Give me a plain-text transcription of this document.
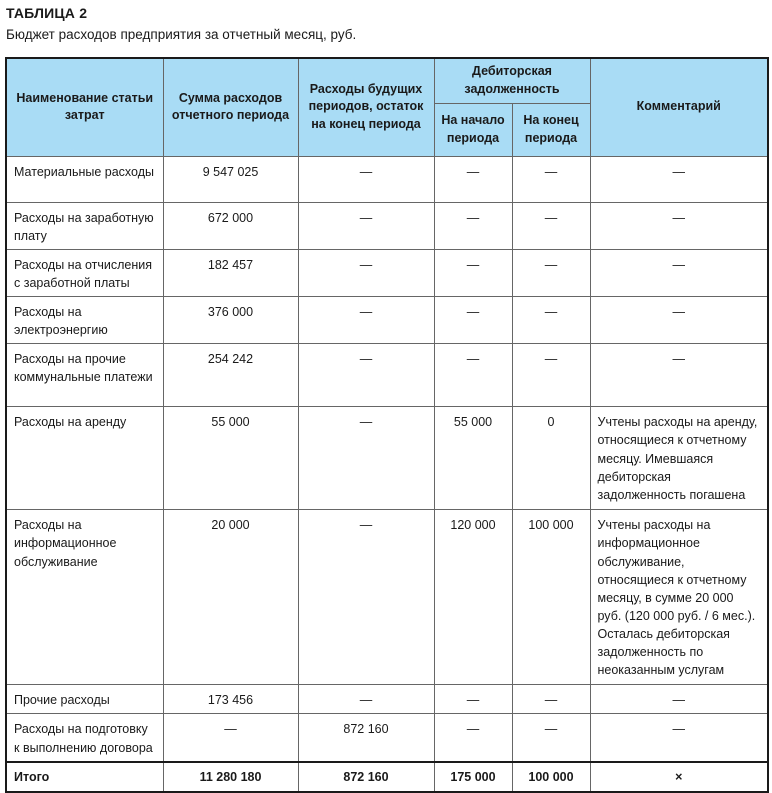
ТАБЛИЦА 2
Бюджет расходов предприятия за отчетный месяц, руб.
Наименование статьи затрат	Сумма расходов отчетного периода	Расходы будущих периодов, остаток на конец периода	Дебиторская задолженность		Комментарий
			На начало периода	На конец периода	
Материальные расходы	9 547 025	—	—	—	—
Расходы на заработную плату	672 000	—	—	—	—
Расходы на отчисления с заработной платы	182 457	—	—	—	—
Расходы на электроэнергию	376 000	—	—	—	—
Расходы на прочие коммунальные платежи	254 242	—	—	—	—
Расходы на аренду	55 000	—	55 000	0	Учтены расходы на аренду, относящиеся к отчетному месяцу. Имевшаяся дебиторская задолженность погашена
Расходы на информационное обслуживание	20 000	—	120 000	100 000	Учтены расходы на информационное обслуживание, относящиеся к отчетному месяцу, в сумме 20 000 руб. (120 000 руб. / 6 мес.). Осталась дебиторская задолженность по неоказанным услугам
Прочие расходы	173 456	—	—	—	—
Расходы на подготовку к выполнению договора	—	872 160	—	—	—
Итого	11 280 180	872 160	175 000	100 000	×
